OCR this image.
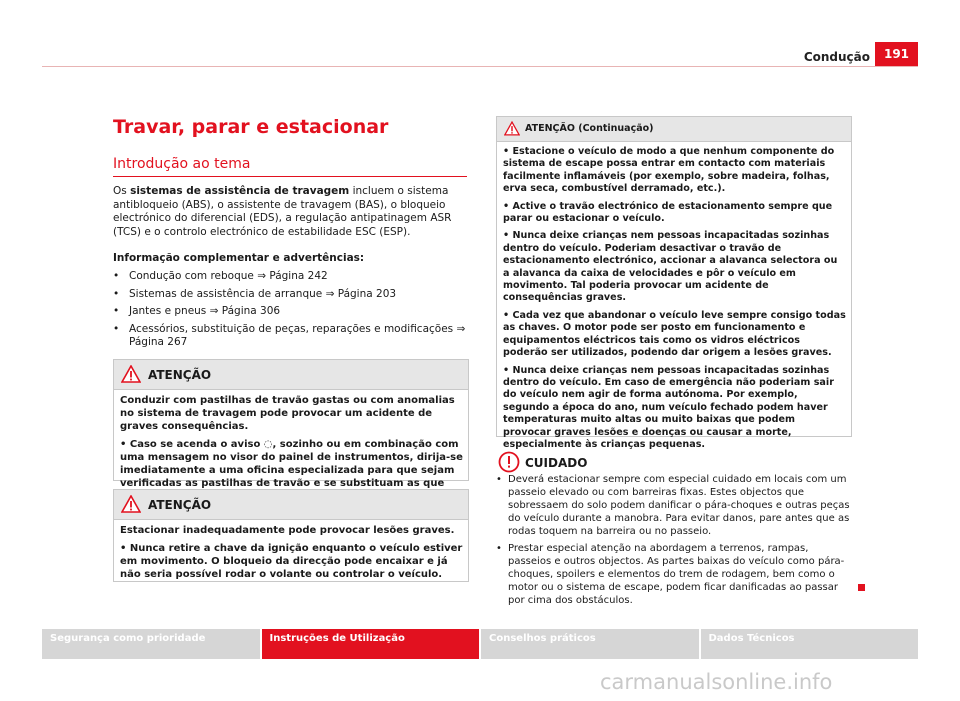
Condução	191
Travar, parar e estacionar
Introdução ao tema
Os sistemas de assistência de travagem incluem o sistema antibloqueio (ABS), o assistente de travagem (BAS), o bloqueio electrónico do diferencial (EDS), a regulação antipatinagem ASR (TCS) e o controlo electrónico de estabilidade ESC (ESP).
Informação complementar e advertências:
• Condução com reboque ⇒ Página 242
• Sistemas de assistência de arranque ⇒ Página 203
• Jantes e pneus ⇒ Página 306
• Acessórios, substituição de peças, reparações e modificações ⇒ Página 267
ATENÇÃO

Conduzir com pastilhas de travão gastas ou com anomalias no sistema de travagem pode provocar um acidente de graves consequências.

• Caso se acenda o aviso ◌, sozinho ou em combinação com uma mensagem no visor do painel de instrumentos, dirija-se imediatamente a uma oficina especializada para que sejam verificadas as pastilhas de travão e se substituam as que

ATENÇÃO

Estacionar inadequadamente pode provocar lesões graves.

• Nunca retire a chave da ignição enquanto o veículo estiver em movimento. O bloqueio da direcção pode encaixar e já não seria possível rodar o volante ou controlar o veículo.

ATENÇÃO (Continuação)

• Estacione o veículo de modo a que nenhum componente do sistema de escape possa entrar em contacto com materiais facilmente inflamáveis (por exemplo, sobre madeira, folhas, erva seca, combustível derramado, etc.).

• Active o travão electrónico de estacionamento sempre que parar ou estacionar o veículo.

• Nunca deixe crianças nem pessoas incapacitadas sozinhas dentro do veículo. Poderiam desactivar o travão de estacionamento electrónico, accionar a alavanca selectora ou a alavanca da caixa de velocidades e pôr o veículo em movimento. Tal poderia provocar um acidente de consequências graves.

• Cada vez que abandonar o veículo leve sempre consigo todas as chaves. O motor pode ser posto em funcionamento e equipamentos eléctricos tais como os vidros eléctricos poderão ser utilizados, podendo dar origem a lesões graves.

• Nunca deixe crianças nem pessoas incapacitadas sozinhas dentro do veículo. Em caso de emergência não poderiam sair do veículo nem agir de forma autónoma. Por exemplo, segundo a época do ano, num veículo fechado podem haver temperaturas muito altas ou muito baixas que podem provocar graves lesões e doenças ou causar a morte, especialmente às crianças pequenas.

CUIDADO
• Deverá estacionar sempre com especial cuidado em locais com um passeio elevado ou com barreiras fixas. Estes objectos que sobressaem do solo podem danificar o pára-choques e outras peças do veículo durante a manobra. Para evitar danos, pare antes que as rodas toquem na barreira ou no passeio.
• Prestar especial atenção na abordagem a terrenos, rampas, passeios e outros objectos. As partes baixas do veículo como pára-choques, spoilers e elementos do trem de rodagem, bem como o motor ou o sistema de escape, podem ficar danificadas ao passar por cima dos obstáculos.
Segurança como prioridade	Instruções de Utilização	Conselhos práticos	Dados Técnicos
carmanualsonline.info
